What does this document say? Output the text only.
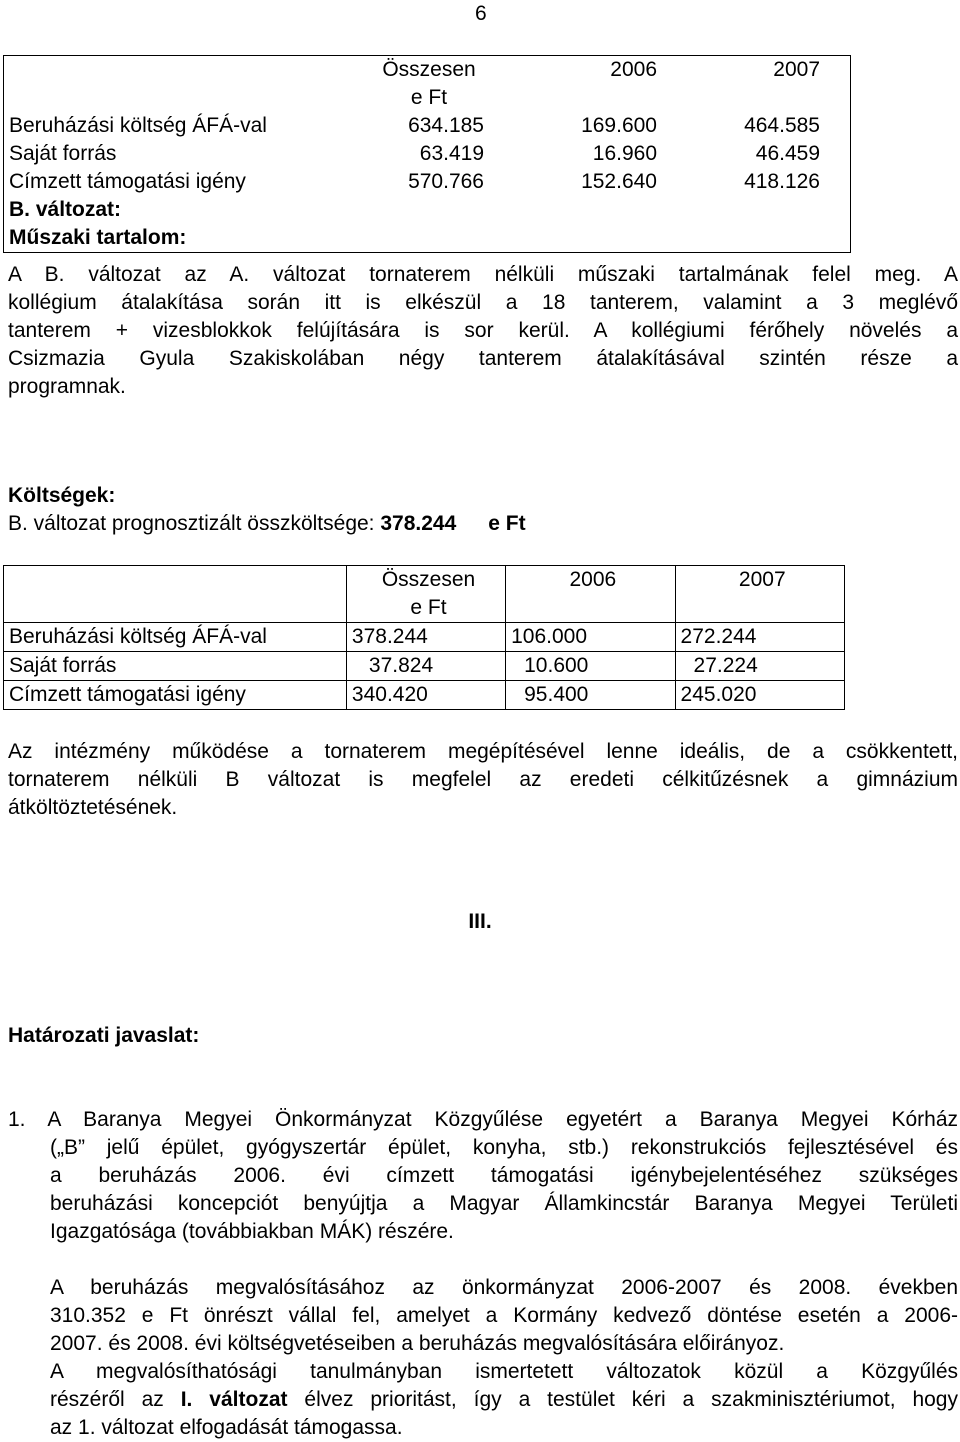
6

	Összesen e Ft	2006	2007
Beruházási költség ÁFÁ-val	634.185	169.600	464.585
Saját forrás	63.419	16.960	46.459
Címzett támogatási igény	570.766	152.640	418.126
B. változat:			
Műszaki tartalom:			
A B. változat az A. változat tornaterem nélküli műszaki tartalmának felel meg. A
kollégium átalakítása során itt is elkészül a 18 tanterem, valamint a 3 meglévő
tanterem + vizesblokkok felújítására is sor kerül. A kollégiumi férőhely növelés a
Csizmazia Gyula Szakiskolában négy tanterem átalakításával szintén része a
programnak.
Költségek:
B. változat prognosztizált összköltsége: 378.244 e Ft

	Összesen e Ft	2006	2007
Beruházási költség ÁFÁ-val	378.244	106.000	272.244
Saját forrás	37.824	10.600	27.224
Címzett támogatási igény	340.420	95.400	245.020
Az intézmény működése a tornaterem megépítésével lenne ideális, de a csökkentett,
tornaterem nélküli B változat is megfelel az eredeti célkitűzésnek a gimnázium
átköltöztetésének.
III.
Határozati javaslat:
1. A Baranya Megyei Önkormányzat Közgyűlése egyetért a Baranya Megyei Kórház
(„B” jelű épület, gyógyszertár épület, konyha, stb.) rekonstrukciós fejlesztésével és
a beruházás 2006. évi címzett támogatási igénybejelentéséhez szükséges
beruházási koncepciót benyújtja a Magyar Államkincstár Baranya Megyei Területi
Igazgatósága (továbbiakban MÁK) részére.
A beruházás megvalósításához az önkormányzat 2006-2007 és 2008. években
310.352 e Ft önrészt vállal fel, amelyet a Kormány kedvező döntése esetén a 2006-
2007. és 2008. évi költségvetéseiben a beruházás megvalósítására előirányoz.
A megvalósíthatósági tanulmányban ismertetett változatok közül a Közgyűlés
részéről az I. változat élvez prioritást, így a testület kéri a szakminisztériumot, hogy
az 1. változat elfogadását támogassa.
